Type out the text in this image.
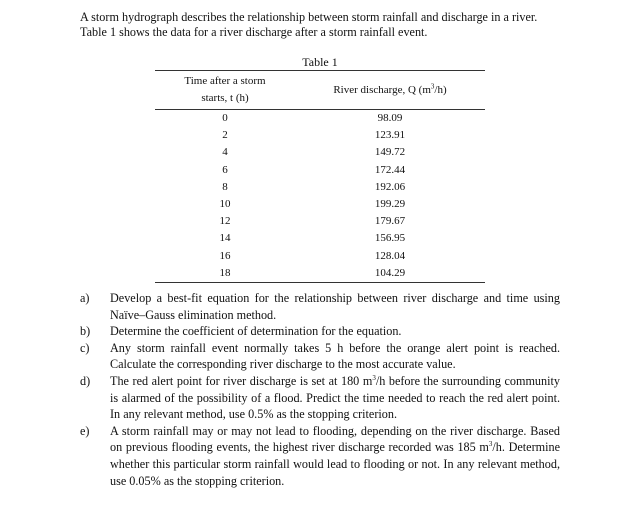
A storm hydrograph describes the relationship between storm rainfall and discharge in a river. Table 1 shows the data for a river discharge after a storm rainfall event.
Table 1
Time after a storm
starts, t (h)	River discharge, Q $(m^3/h)$
0	98.09
2	123.91
4	149.72
6	172.44
8	192.06
10	199.29
12	179.67
14	156.95
16	128.04
18	104.29
a)	Develop a best-fit equation for the relationship between river discharge and time using Naïve–Gauss elimination method.
b)	Determine the coefficient of determination for the equation.
c)	Any storm rainfall event normally takes 5 h before the orange alert point is reached. Calculate the corresponding river discharge to the most accurate value.
d)	The red alert point for river discharge is set at 180 $m^3/h$ before the surrounding community is alarmed of the possibility of a flood. Predict the time needed to reach the red alert point. In any relevant method, use 0.5% as the stopping criterion.
e)	A storm rainfall may or may not lead to flooding, depending on the river discharge. Based on previous flooding events, the highest river discharge recorded was 185 $m^3/h$. Determine whether this particular storm rainfall would lead to flooding or not. In any relevant method, use 0.05% as the stopping criterion.
